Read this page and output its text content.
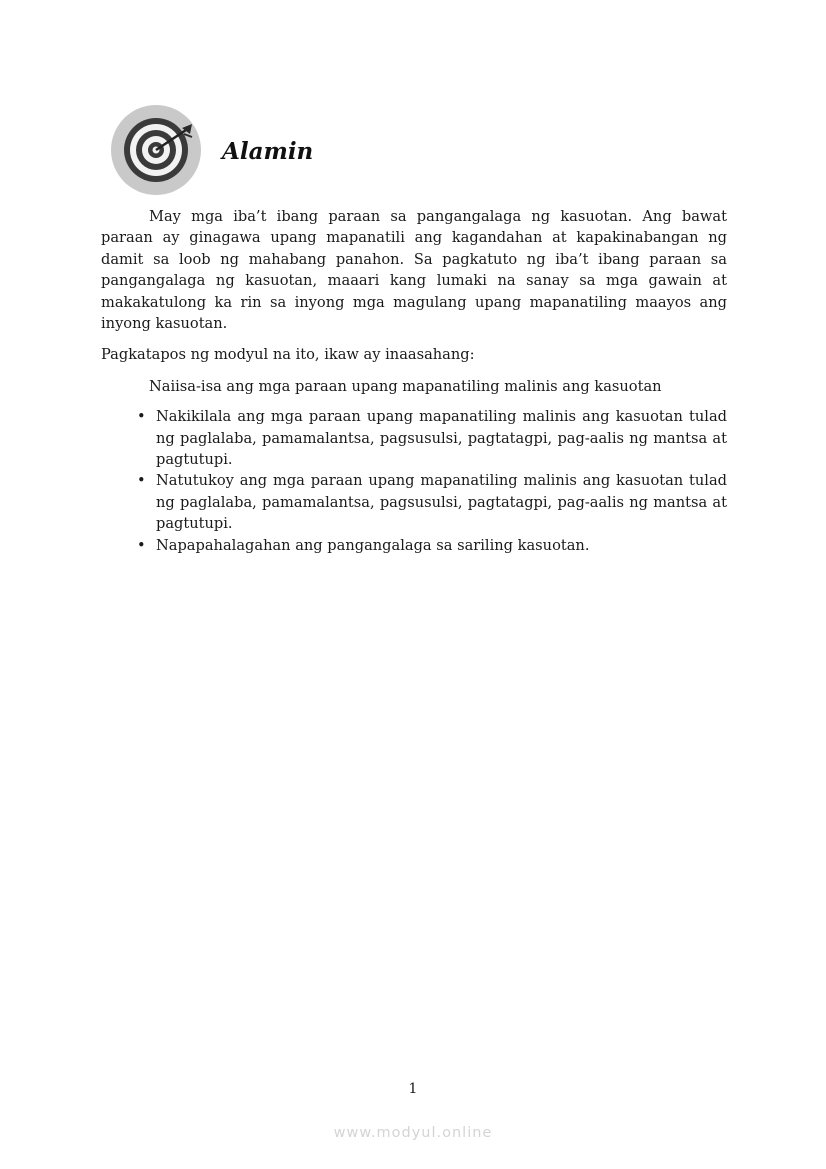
Alamin

May mga iba’t ibang paraan sa pangangalaga ng kasuotan. Ang bawat paraan ay ginagawa upang mapanatili ang kagandahan at kapakinabangan ng damit sa loob ng mahabang panahon. Sa pagkatuto ng iba’t ibang paraan sa pangangalaga ng kasuotan, maaari kang lumaki na sanay sa mga gawain at makakatulong ka rin sa inyong mga magulang upang mapanatiling maayos ang inyong kasuotan.

Pagkatapos ng modyul na ito, ikaw ay inaasahang:

Naiisa-isa ang mga paraan upang mapanatiling malinis ang kasuotan

• Nakikilala ang mga paraan upang mapanatiling malinis ang kasuotan tulad ng paglalaba, pamamalantsa, pagsusulsi, pagtatagpi, pag-aalis ng mantsa at pagtutupi.
• Natutukoy ang mga paraan upang mapanatiling malinis ang kasuotan tulad ng paglalaba, pamamalantsa, pagsusulsi, pagtatagpi, pag-aalis ng mantsa at pagtutupi.
• Napapahalagahan ang pangangalaga sa sariling kasuotan.
1
www.modyul.online
